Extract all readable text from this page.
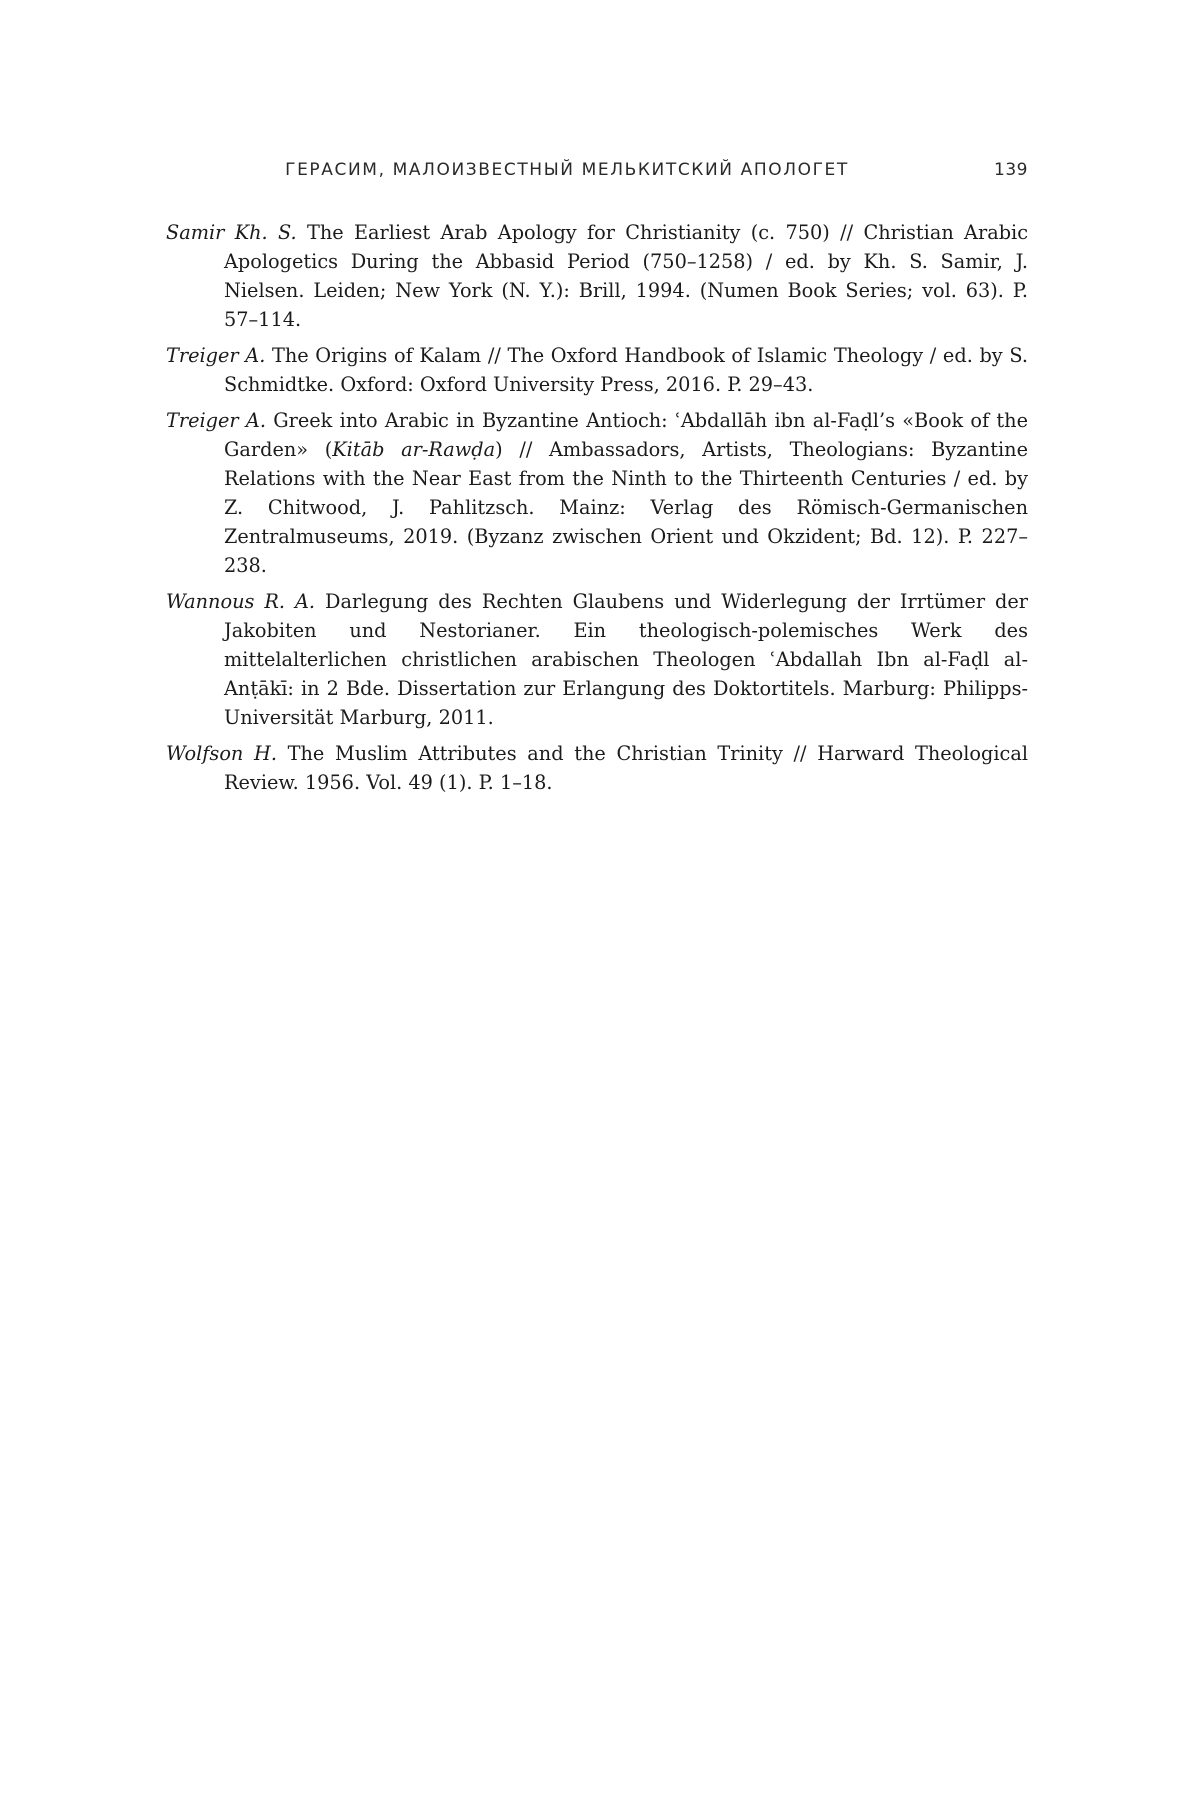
ГЕРАСИМ, МАЛОИЗВЕСТНЫЙ МЕЛЬКИТСКИЙ АПОЛОГЕТ	139

Samir Kh. S. The Earliest Arab Apology for Christianity (c. 750) // Christian Arabic Apologetics During the Abbasid Period (750–1258) / ed. by Kh. S. Samir, J. Nielsen. Leiden; New York (N. Y.): Brill, 1994. (Numen Book Series; vol. 63). P. 57–114.

Treiger A. The Origins of Kalam // The Oxford Handbook of Islamic Theology / ed. by S. Schmidtke. Oxford: Oxford University Press, 2016. P. 29–43.

Treiger A. Greek into Arabic in Byzantine Antioch: ʿAbdallāh ibn al-Faḍl’s «Book of the Garden» (Kitāb ar-Rawḍa) // Ambassadors, Artists, Theologians: Byzantine Relations with the Near East from the Ninth to the Thirteenth Centuries / ed. by Z. Chitwood, J. Pahlitzsch. Mainz: Verlag des Römisch-Germanischen Zentralmuseums, 2019. (Byzanz zwischen Orient und Okzident; Bd. 12). P. 227–238.

Wannous R. A. Darlegung des Rechten Glaubens und Widerlegung der Irrtümer der Jakobiten und Nestorianer. Ein theologisch-polemisches Werk des mittelalterlichen christlichen arabischen Theologen ʿAbdallah Ibn al-Faḍl al-Anṭākī: in 2 Bde. Dissertation zur Erlangung des Doktortitels. Marburg: Philipps-Universität Marburg, 2011.

Wolfson H. The Muslim Attributes and the Christian Trinity // Harward Theological Review. 1956. Vol. 49 (1). P. 1–18.
